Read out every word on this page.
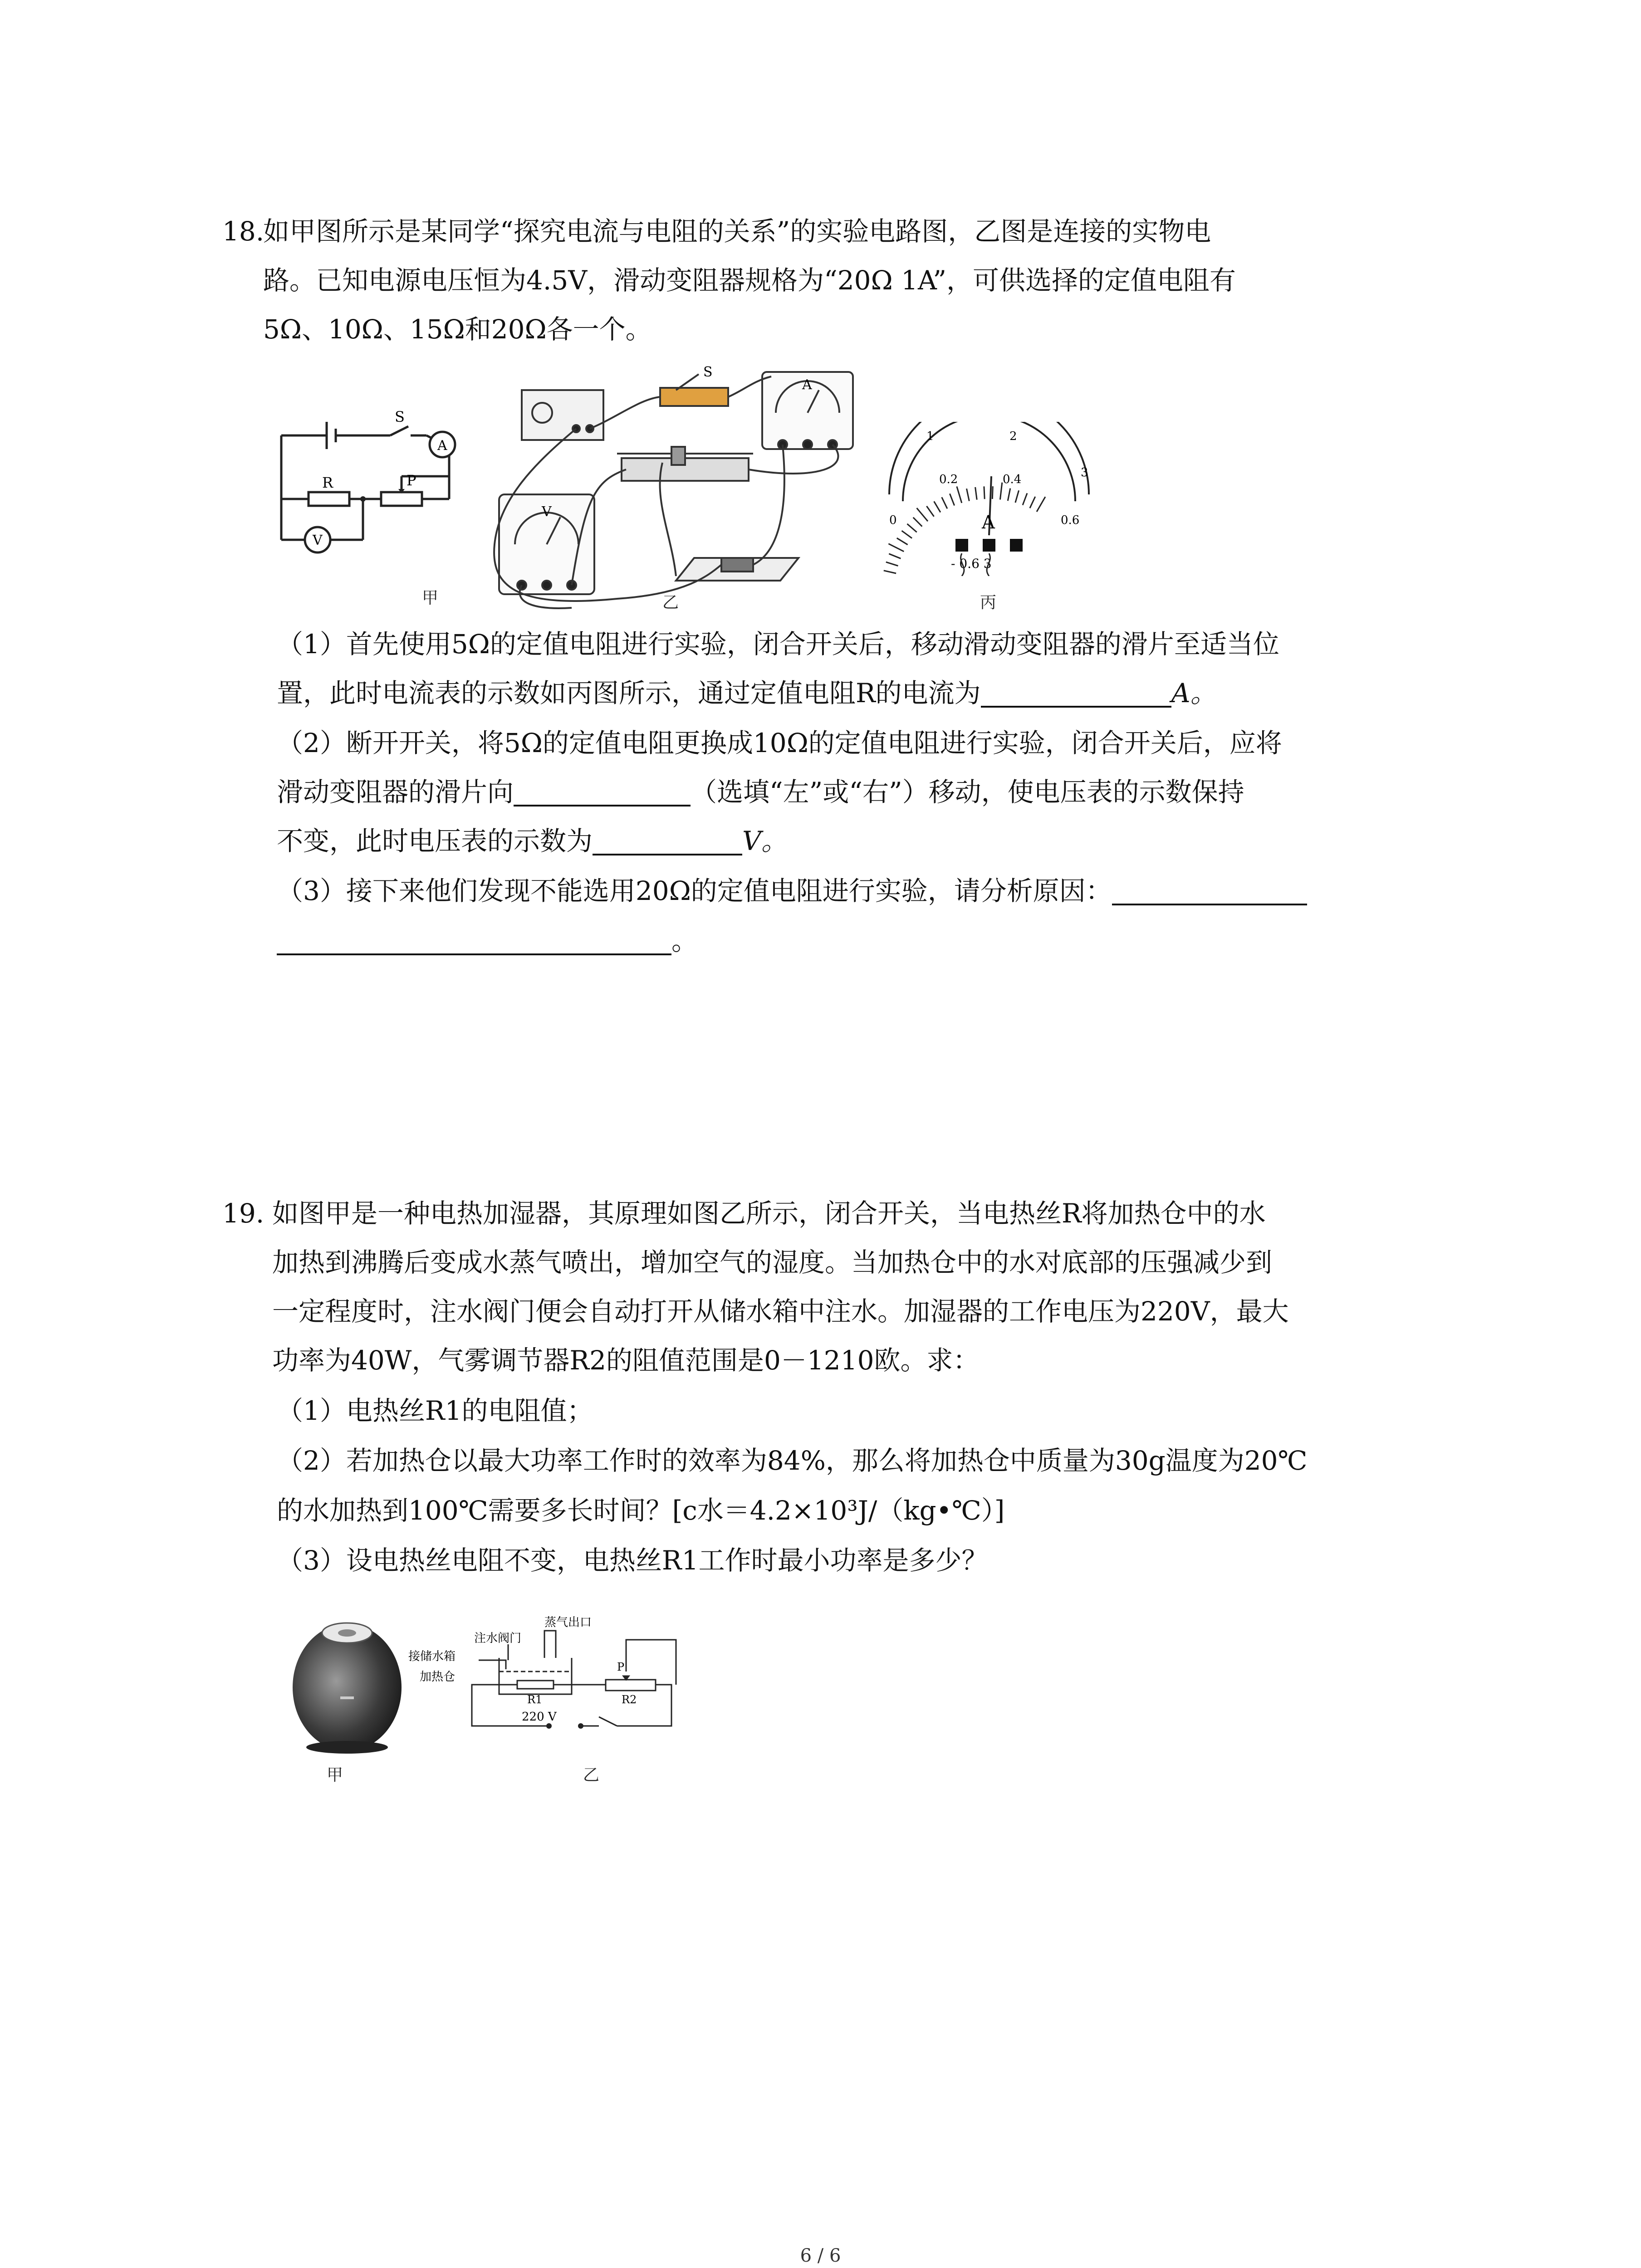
18.
如甲图所示是某同学“探究电流与电阻的关系”的实验电路图，乙图是连接的实物电
路。已知电源电压恒为4.5V，滑动变阻器规格为“20Ω 1A”，可供选择的定值电阻有
5Ω、10Ω、15Ω和20Ω各一个。
S
A
R	P
V
甲
S
A
V
乙
1	2
3
0
0.2	0.4
0.6
A
- 0.6 3
丙
（1）首先使用5Ω的定值电阻进行实验，闭合开关后，移动滑动变阻器的滑片至适当位
置，此时电流表的示数如丙图所示，通过定值电阻R的电流为	A。
（2）断开开关，将5Ω的定值电阻更换成10Ω的定值电阻进行实验，闭合开关后，应将
滑动变阻器的滑片向	（选填“左”或“右”）移动，使电压表的示数保持
不变，此时电压表的示数为	V。
（3）接下来他们发现不能选用20Ω的定值电阻进行实验，请分析原因：
。
19. 如图甲是一种电热加湿器，其原理如图乙所示，闭合开关，当电热丝R将加热仓中的水
加热到沸腾后变成水蒸气喷出，增加空气的湿度。当加热仓中的水对底部的压强减少到
一定程度时，注水阀门便会自动打开从储水箱中注水。加湿器的工作电压为220V，最大
功率为40W，气雾调节器R2的阻值范围是0－1210欧。求：
（1）电热丝R1的电阻值；
（2）若加热仓以最大功率工作时的效率为84%，那么将加热仓中质量为30g温度为20℃
的水加热到100℃需要多长时间？[c水＝4.2×10³J/（kg•℃）]
（3）设电热丝电阻不变，电热丝R1工作时最小功率是多少？
甲
蒸气出口
注水阀门
接储水箱
加热仓
R1	R2
P
220 V
乙
6 / 6
